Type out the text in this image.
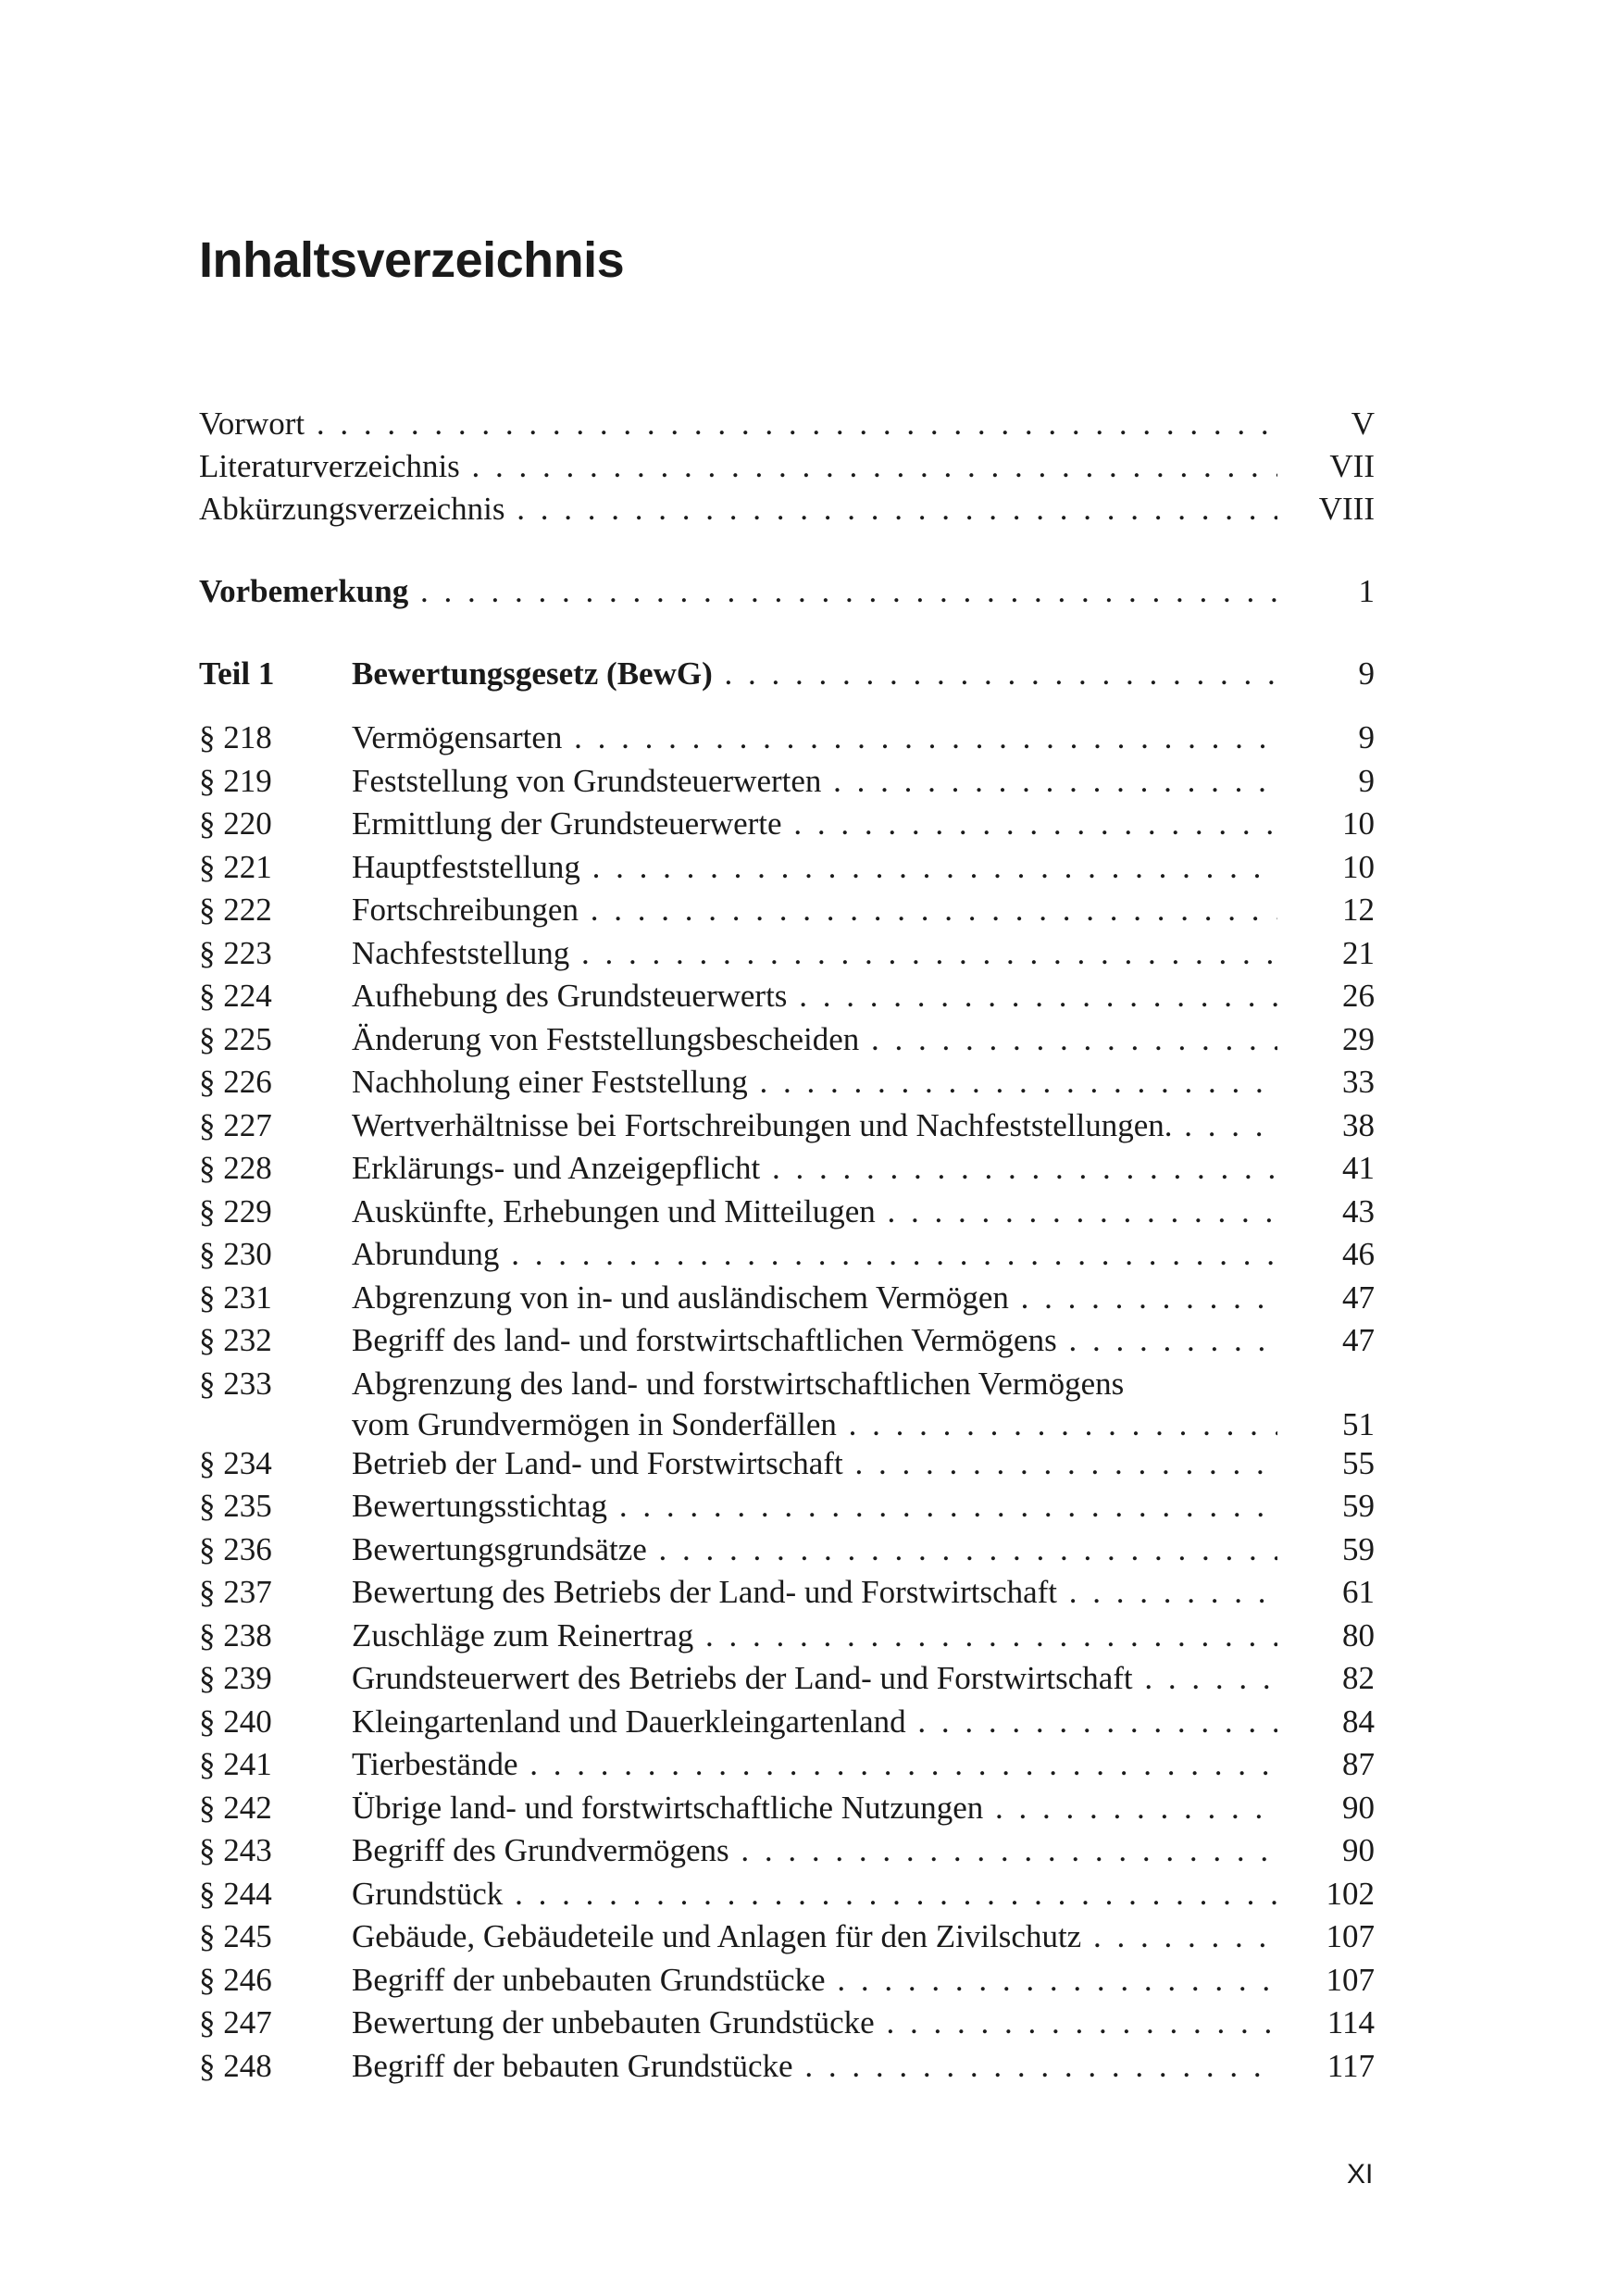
Inhaltsverzeichnis
Vorwort . . .	V
Literaturverzeichnis . . .	VII
Abkürzungsverzeichnis . . .	VIII
Vorbemerkung . . .	1
Teil 1 Bewertungsgesetz (BewG) . . .	9
§ 218 Vermögensarten . . .	9
§ 219 Feststellung von Grundsteuerwerten . . .	9
§ 220 Ermittlung der Grundsteuerwerte . . .	10
§ 221 Hauptfeststellung . . .	10
§ 222 Fortschreibungen . . .	12
§ 223 Nachfeststellung . . .	21
§ 224 Aufhebung des Grundsteuerwerts . . .	26
§ 225 Änderung von Feststellungsbescheiden . . .	29
§ 226 Nachholung einer Feststellung . . .	33
§ 227 Wertverhältnisse bei Fortschreibungen und Nachfeststellungen. . . .	38
§ 228 Erklärungs- und Anzeigepflicht . . .	41
§ 229 Auskünfte, Erhebungen und Mitteilugen . . .	43
§ 230 Abrundung . . .	46
§ 231 Abgrenzung von in- und ausländischem Vermögen . . .	47
§ 232 Begriff des land- und forstwirtschaftlichen Vermögens . . .	47
§ 233 Abgrenzung des land- und forstwirtschaftlichen Vermögens
vom Grundvermögen in Sonderfällen . . .	51
§ 234 Betrieb der Land- und Forstwirtschaft . . .	55
§ 235 Bewertungsstichtag . . .	59
§ 236 Bewertungsgrundsätze . . .	59
§ 237 Bewertung des Betriebs der Land- und Forstwirtschaft . . .	61
§ 238 Zuschläge zum Reinertrag . . .	80
§ 239 Grundsteuerwert des Betriebs der Land- und Forstwirtschaft . . .	82
§ 240 Kleingartenland und Dauerkleingartenland . . .	84
§ 241 Tierbestände . . .	87
§ 242 Übrige land- und forstwirtschaftliche Nutzungen . . .	90
§ 243 Begriff des Grundvermögens . . .	90
§ 244 Grundstück . . .	102
§ 245 Gebäude, Gebäudeteile und Anlagen für den Zivilschutz . . .	107
§ 246 Begriff der unbebauten Grundstücke . . .	107
§ 247 Bewertung der unbebauten Grundstücke . . .	114
§ 248 Begriff der bebauten Grundstücke . . .	117
XI
